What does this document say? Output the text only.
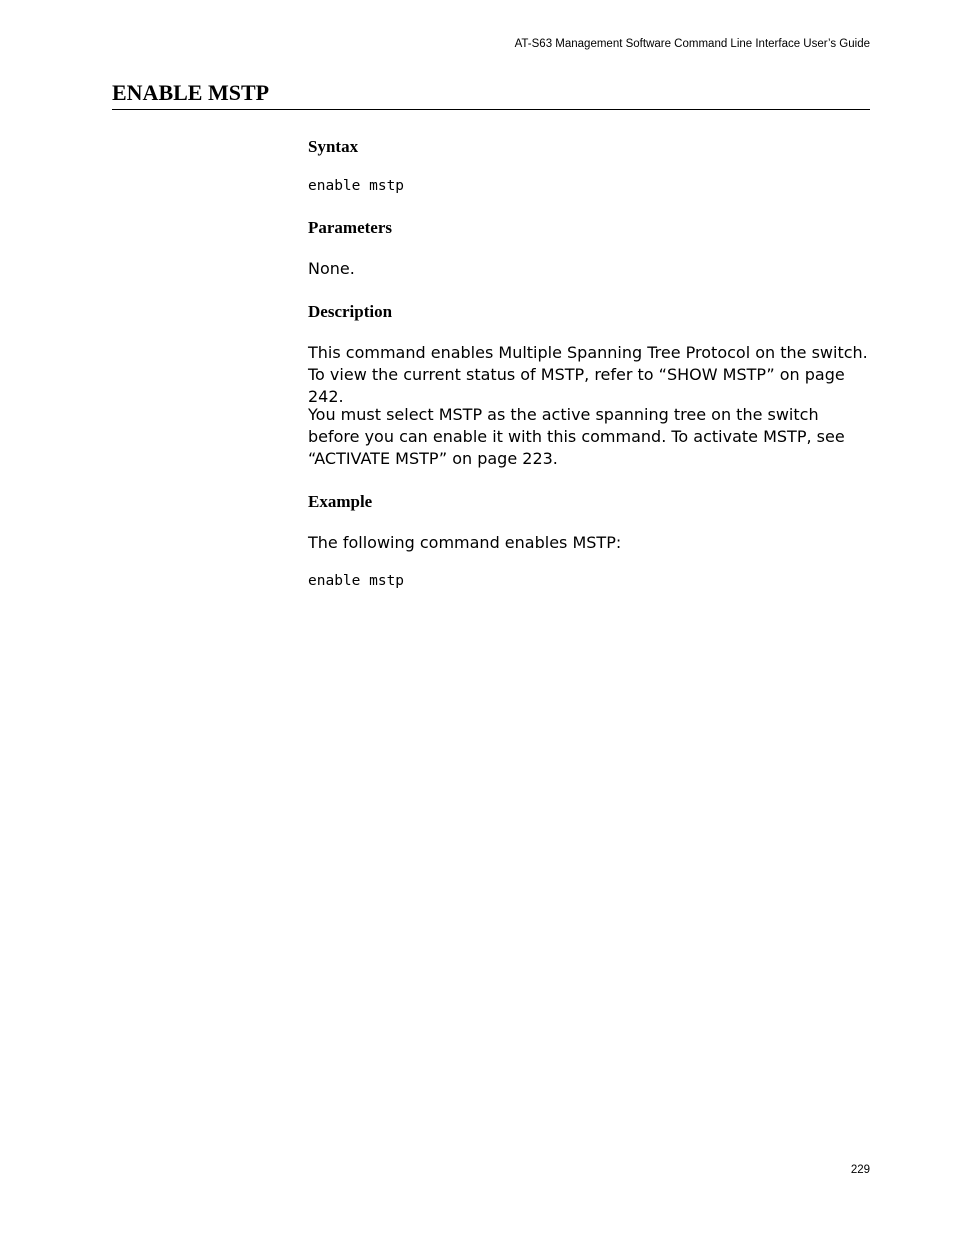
AT-S63 Management Software Command Line Interface User’s Guide
ENABLE MSTP
Syntax
enable mstp
Parameters

None.

Description

This command enables Multiple Spanning Tree Protocol on the switch. To view the current status of MSTP, refer to “SHOW MSTP” on page 242.

You must select MSTP as the active spanning tree on the switch before you can enable it with this command. To activate MSTP, see “ACTIVATE MSTP” on page 223.

Example

The following command enables MSTP:

enable mstp
229
